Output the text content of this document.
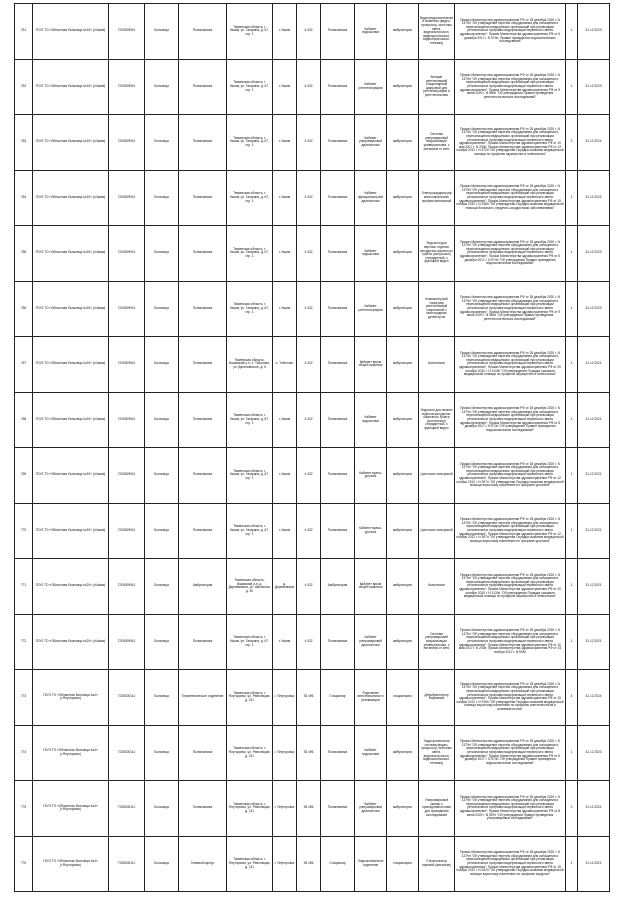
761	ГБУЗ ТО «Областная больница №20» (г.Ишим)	7205009941	Больница	Поликлиника	Тюменская область, г. Ишим, ул. Гагарина, д. 67, стр. 1	г. Ишим	4 432	Поликлиника	Кабинет эндоскопии	амбулаторно	Видеоэндоскопический комплекс (видео-процессор, источник света, видеогастроскоп, видеоколоноскоп, видеобронхоскоп, тележка)	Приказ Министерства здравоохранения РФ от 28 декабря 2020 г. N 1379н "Об утверждении перечня оборудования для оснащения и переоснащения медицинских организаций при реализации региональных программ модернизации первичного звена здравоохранения"; Приказ Министерства здравоохранения РФ от 6 декабря 2017 г. N 974н; Правил проведения эндоскопических исследований	1	31.12.2023
762	ГБУЗ ТО «Областная больница №20» (г.Ишим)	7205009941	Больница	Поликлиника	Тюменская область, г. Ишим, ул. Гагарина, д. 67, стр. 1	г. Ишим	4 432	Поликлиника	Кабинет рентгенографии	амбулаторно	Аппарат рентгеновский стационарный цифровой для рентгенографии и рентгеноскопии	Приказ Министерства здравоохранения РФ от 28 декабря 2020 г. N 1379н "Об утверждении перечня оборудования для оснащения и переоснащения медицинских организаций при реализации региональных программ модернизации первичного звена здравоохранения"; Приказ Министерства здравоохранения РФ от 9 июня 2020 г. N 560н "Об утверждении Правил проведения рентгенологических исследований"	1	31.12.2023
763	ГБУЗ ТО «Областная больница №20» (г.Ишим)	7205009941	Больница	Поликлиника	Тюменская область, г. Ишим, ул. Гагарина, д. 67, стр. 1	г. Ишим	4 432	Поликлиника	Кабинет ультразвуковой диагностики	амбулаторно	Система ультразвуковой визуализации универсальная, с питанием от сети	Приказ Министерства здравоохранения РФ от 28 декабря 2020 г. N 1379н "Об утверждении перечня оборудования для оснащения и переоснащения медицинских организаций при реализации региональных программ модернизации первичного звена здравоохранения"; Приказ Министерства здравоохранения РФ от 10 мая 2017 г. N 203н; Приказ Министерства здравоохранения РФ от 12 ноября 2012 г. N 572н "Об утверждении Порядка оказания медицинской помощи по профилю акушерство и гинекология"	2	31.12.2024
764	ГБУЗ ТО «Областная больница №20» (г.Ишим)	7205009941	Больница	Поликлиника	Тюменская область, г. Ишим, ул. Гагарина, д. 67, стр. 1	г. Ишим	4 432	Поликлиника	Кабинет функциональной диагностики	амбулаторно	Электрокардиограф многоканальный, профессиональный	Приказ Министерства здравоохранения РФ от 28 декабря 2020 г. N 1379н "Об утверждении перечня оборудования для оснащения и переоснащения медицинских организаций при реализации региональных программ модернизации первичного звена здравоохранения"; Приказ Министерства здравоохранения РФ от 15 ноября 2012 г. N 918н "Об утверждении Порядка оказания медицинской помощи больным с сердечно-сосудистыми заболеваниями"	1	31.12.2023
765	ГБУЗ ТО «Областная больница №20» (г.Ишим)	7205009941	Больница	Поликлиника	Тюменская область, г. Ишим, ул. Гагарина, д. 67, стр. 1	г. Ишим	4 432	Поликлиника	Кабинет эндоскопии	амбулаторно	Эндоскоп для верхних отделов желудочно-кишечного тракта (гастроскоп) стандартный, с функцией видео	Приказ Министерства здравоохранения РФ от 28 декабря 2020 г. N 1379н "Об утверждении перечня оборудования для оснащения и переоснащения медицинских организаций при реализации региональных программ модернизации первичного звена здравоохранения"; Приказ Министерства здравоохранения РФ от 6 декабря 2017 г. N 974н "Об утверждении Правил проведения эндоскопических исследований"	1	31.12.2023
766	ГБУЗ ТО «Областная больница №20» (г.Ишим)	7205009941	Больница	Поликлиника	Тюменская область, г. Ишим, ул. Гагарина, д. 67, стр. 1	г. Ишим	4 432	Поликлиника	Кабинет рентгенографии	амбулаторно	Компьютерный томограф рентгеновский спиральный с многорядным детектором	Приказ Министерства здравоохранения РФ от 28 декабря 2020 г. N 1379н "Об утверждении перечня оборудования для оснащения и переоснащения медицинских организаций при реализации региональных программ модернизации первичного звена здравоохранения"; Приказ Министерства здравоохранения РФ от 9 июня 2020 г. N 560н "Об утверждении Правил проведения рентгенологических исследований"	1	31.12.2023
767	ГБУЗ ТО «Областная больница №20» (г.Ишим)	7205009941	Больница	Поликлиника	Тюменская область, Ишимский р-н, с. Тоболово, ул. Даниловского, д. 5	с. Тоболово	4 432	Поликлиника	Кабинет врача общей практики	амбулаторно	Кольпоскоп	Приказ Министерства здравоохранения РФ от 28 декабря 2020 г. N 1379н "Об утверждении перечня оборудования для оснащения и переоснащения медицинских организаций при реализации региональных программ модернизации первичного звена здравоохранения"; Приказ Министерства здравоохранения РФ от 20 октября 2020 г. N 1130н "Об утверждении Порядка оказания медицинской помощи по профилю акушерство и гинекология"	1	31.12.2021
768	ГБУЗ ТО «Областная больница №20» (г.Ишим)	7205009941	Больница	Поликлиника	Тюменская область, г. Ишим, ул. Гагарина, д. 67, стр. 1	г. Ишим	4 432	Поликлиника	Кабинет эндоскопии	амбулаторно	Эндоскоп для нижних отделов желудочно-кишечного тракта (колоноскоп) стандартный, с функцией видео	Приказ Министерства здравоохранения РФ от 28 декабря 2020 г. N 1379н "Об утверждении перечня оборудования для оснащения и переоснащения медицинских организаций при реализации региональных программ модернизации первичного звена здравоохранения"; Приказ Министерства здравоохранения РФ от 6 декабря 2017 г. N 974н "Об утверждении Правил проведения эндоскопических исследований"	1	31.12.2021
769	ГБУЗ ТО «Областная больница №20» (г.Ишим)	7205009941	Больница	Поликлиника	Тюменская область, г. Ишим, ул. Гагарина, д. 67, стр. 1	г. Ишим	4 432	Поликлиника	Кабинет врача-уролога	амбулаторно	Цистоскоп смотровой	Приказ Министерства здравоохранения РФ от 28 декабря 2020 г. N 1379н "Об утверждении перечня оборудования для оснащения и переоснащения медицинских организаций при реализации региональных программ модернизации первичного звена здравоохранения"; Приказ Министерства здравоохранения РФ от 12 ноября 2012 г. N 907н "Об утверждении Порядка оказания медицинской помощи взрослому населению по профилю урология"	1	31.12.2021
770	ГБУЗ ТО «Областная больница №20» (г.Ишим)	7205009941	Больница	Поликлиника	Тюменская область, г. Ишим, ул. Гагарина, д. 67, стр. 1	г. Ишим	4 432	Поликлиника	Кабинет врача-уролога	амбулаторно	Цистоскоп смотровой	Приказ Министерства здравоохранения РФ от 28 декабря 2020 г. N 1379н "Об утверждении перечня оборудования для оснащения и переоснащения медицинских организаций при реализации региональных программ модернизации первичного звена здравоохранения"; Приказ Министерства здравоохранения РФ от 12 ноября 2012 г. N 907н "Об утверждении Порядка оказания медицинской помощи взрослому населению по профилю урология"	1	31.12.2021
771	ГБУЗ ТО «Областная больница №20» (г.Ишим)	7205009941	Больница	Амбулатория	Тюменская область, Ишимский р-н, д. Деревянкина, ул. Школьная, д. 30	д. Деревянкина	4 432	Амбулатория	Кабинет врача общей практики	амбулаторно	Кольпоскоп	Приказ Министерства здравоохранения РФ от 28 декабря 2020 г. N 1379н "Об утверждении перечня оборудования для оснащения и переоснащения медицинских организаций при реализации региональных программ модернизации первичного звена здравоохранения"; Приказ Министерства здравоохранения РФ от 20 октября 2020 г. N 1130н "Об утверждении Порядка оказания медицинской помощи по профилю акушерство и гинекология"	1	31.12.2021
772	ГБУЗ ТО «Областная больница №20» (г.Ишим)	7205009941	Больница	Поликлиника	Тюменская область, г. Ишим, ул. Гагарина, д. 67, стр. 1	г. Ишим	4 432	Поликлиника	Кабинет ультразвуковой диагностики	амбулаторно	Система ультразвуковой визуализации универсальная, с питанием от сети	Приказ Министерства здравоохранения РФ от 28 декабря 2020 г. N 1379н "Об утверждении перечня оборудования для оснащения и переоснащения медицинских организаций при реализации региональных программ модернизации первичного звена здравоохранения"; Приказ Министерства здравоохранения РФ от 10 мая 2017 г. N 203н; Приказ Министерства здравоохранения РФ от 15 ноября 2012 г. N 918н	1	31.12.2021
773	ГБУЗ ТО «Областная больница №4» (г.Ялуторовск)	7228000111	Больница	Терапевтическое отделение	Тюменская область, г. Ялуторовск, ул. Революции, д. 211	г. Ялуторовск	35 496	Стационар	Отделение анестезиологии и реанимации	стационарно	Дефибриллятор бифазный	Приказ Министерства здравоохранения РФ от 28 декабря 2020 г. N 1379н "Об утверждении перечня оборудования для оснащения и переоснащения медицинских организаций при реализации региональных программ модернизации первичного звена здравоохранения"; Приказ Министерства здравоохранения РФ от 15 ноября 2012 г. N 919н "Об утверждении Порядка оказания медицинской помощи взрослому населению по профилю анестезиология и реаниматология"	4	31.12.2024
774	ГБУЗ ТО «Областная больница №4» (г.Ялуторовск)	7228000111	Больница	Поликлиника	Тюменская область, г. Ялуторовск, ул. Революции, д. 211	г. Ялуторовск	35 496	Поликлиника	Кабинет эндоскопии	амбулаторно	Эндоскопическая система (видео-процессор, источник света, видеогастроскоп, видеоколоноскоп, тележка)	Приказ Министерства здравоохранения РФ от 28 декабря 2020 г. N 1379н "Об утверждении перечня оборудования для оснащения и переоснащения медицинских организаций при реализации региональных программ модернизации первичного звена здравоохранения"; Приказ Министерства здравоохранения РФ от 6 декабря 2017 г. N 974н "Об утверждении Правил проведения эндоскопических исследований"	1	31.12.2023
775	ГБУЗ ТО «Областная больница №4» (г.Ялуторовск)	7228000111	Больница	Поликлиника	Тюменская область, г. Ялуторовск, ул. Революции, д. 211	г. Ялуторовск	35 496	Поликлиника	Кабинет ультразвуковой диагностики	амбулаторно	Ультразвуковой сканер с принадлежностями для проведения исследований	Приказ Министерства здравоохранения РФ от 28 декабря 2020 г. N 1379н "Об утверждении перечня оборудования для оснащения и переоснащения медицинских организаций при реализации региональных программ модернизации первичного звена здравоохранения"; Приказ Министерства здравоохранения РФ от 8 июня 2020 г. N 557н "Об утверждении Правил проведения ультразвуковых исследований"	2	31.12.2024
776	ГБУЗ ТО «Областная больница №4» (г.Ялуторовск)	7228000111	Больница	Главный корпус	Тюменская область, г. Ялуторовск, ул. Революции, д. 211	г. Ялуторовск	35 496	Стационар	Эндоскопическое отделение	стационарно	Стерилизатор паровой (автоклав)	Приказ Министерства здравоохранения РФ от 28 декабря 2020 г. N 1379н "Об утверждении перечня оборудования для оснащения и переоснащения медицинских организаций при реализации региональных программ модернизации первичного звена здравоохранения"; Приказ Министерства здравоохранения РФ от 15 ноября 2012 г. N 922н "Об утверждении Порядка оказания медицинской помощи взрослому населению по профилю хирургия"	1	31.12.2021
